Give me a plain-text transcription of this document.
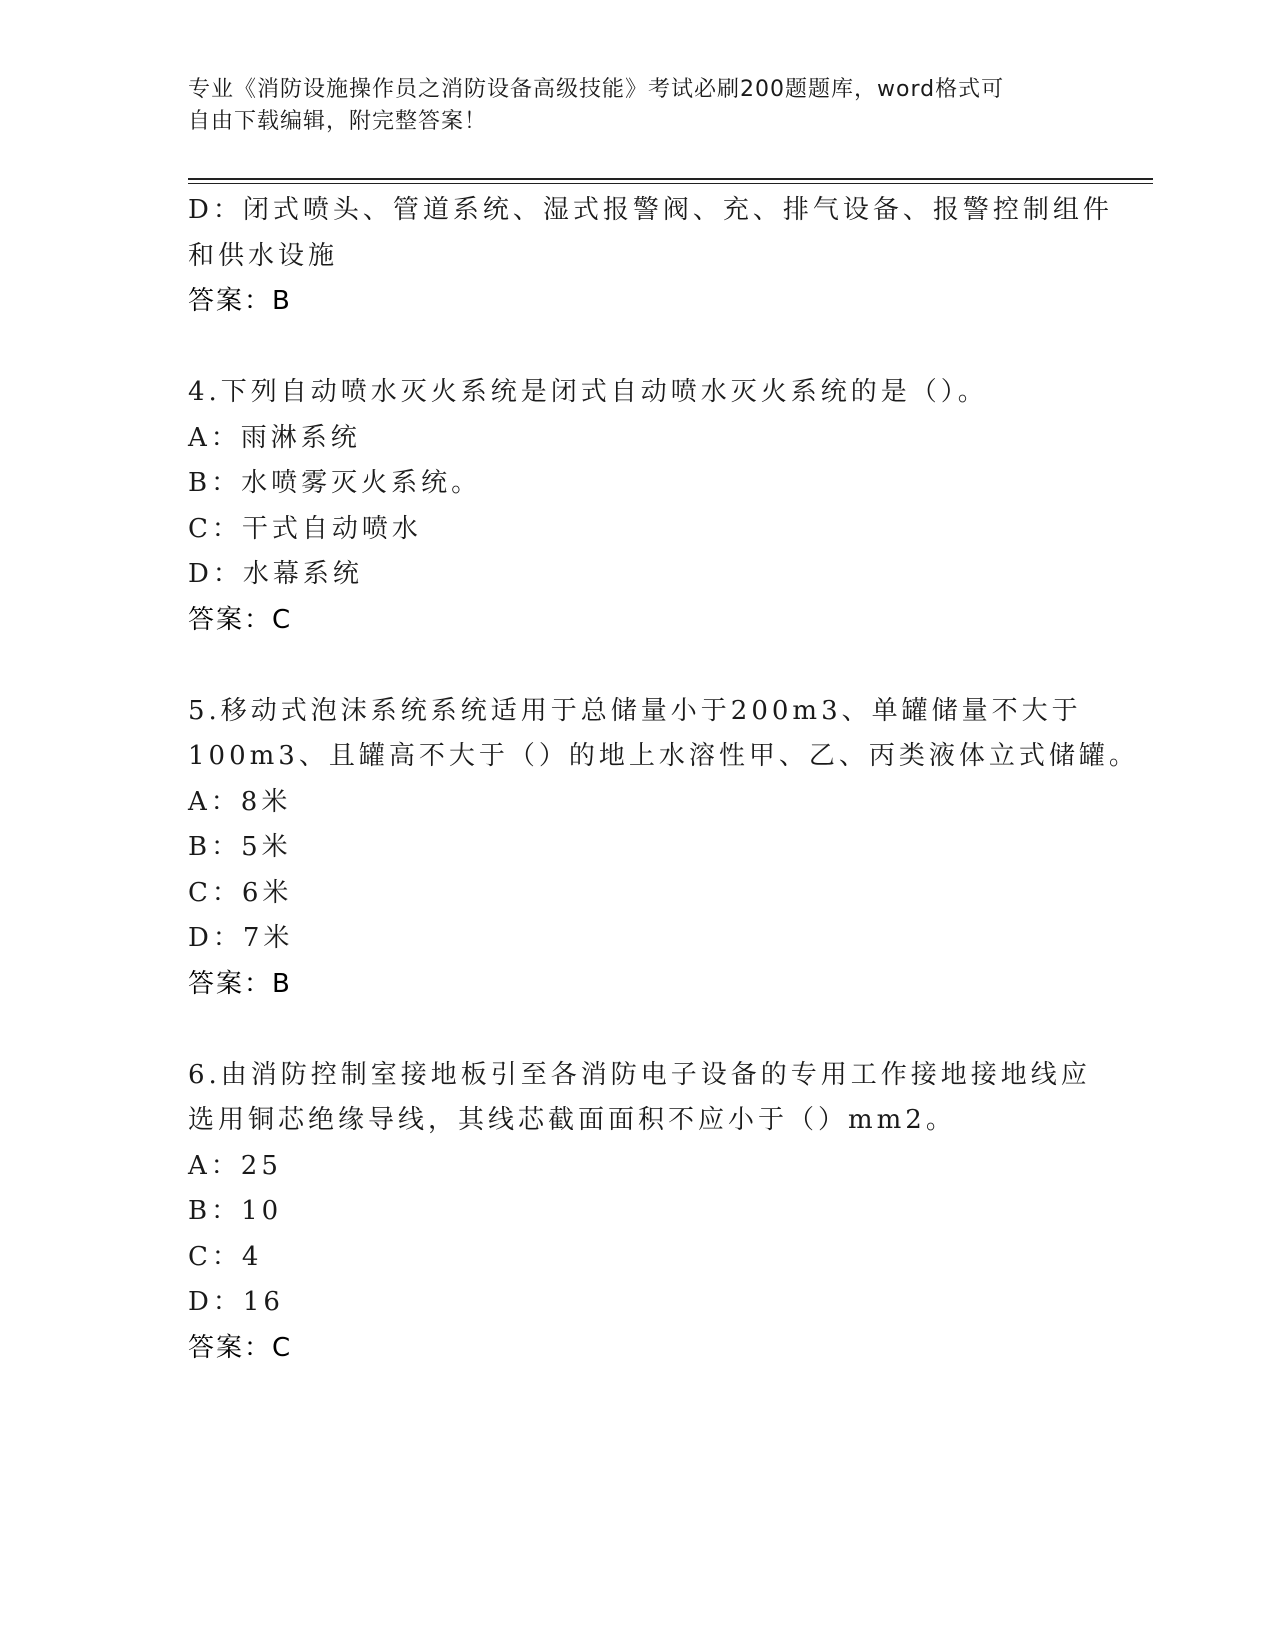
专业《消防设施操作员之消防设备高级技能》考试必刷200题题库，word格式可
自由下载编辑，附完整答案！
D：闭式喷头、管道系统、湿式报警阀、充、排气设备、报警控制组件
和供水设施
答案：B
4.下列自动喷水灭火系统是闭式自动喷水灭火系统的是（）。
A：雨淋系统
B：水喷雾灭火系统。
C：干式自动喷水
D：水幕系统
答案：C
5.移动式泡沫系统系统适用于总储量小于200m3、单罐储量不大于
100m3、且罐高不大于（）的地上水溶性甲、乙、丙类液体立式储罐。
A：8米
B：5米
C：6米
D：7米
答案：B
6.由消防控制室接地板引至各消防电子设备的专用工作接地接地线应
选用铜芯绝缘导线，其线芯截面面积不应小于（）mm2。
A：25
B：10
C：4
D：16
答案：C
